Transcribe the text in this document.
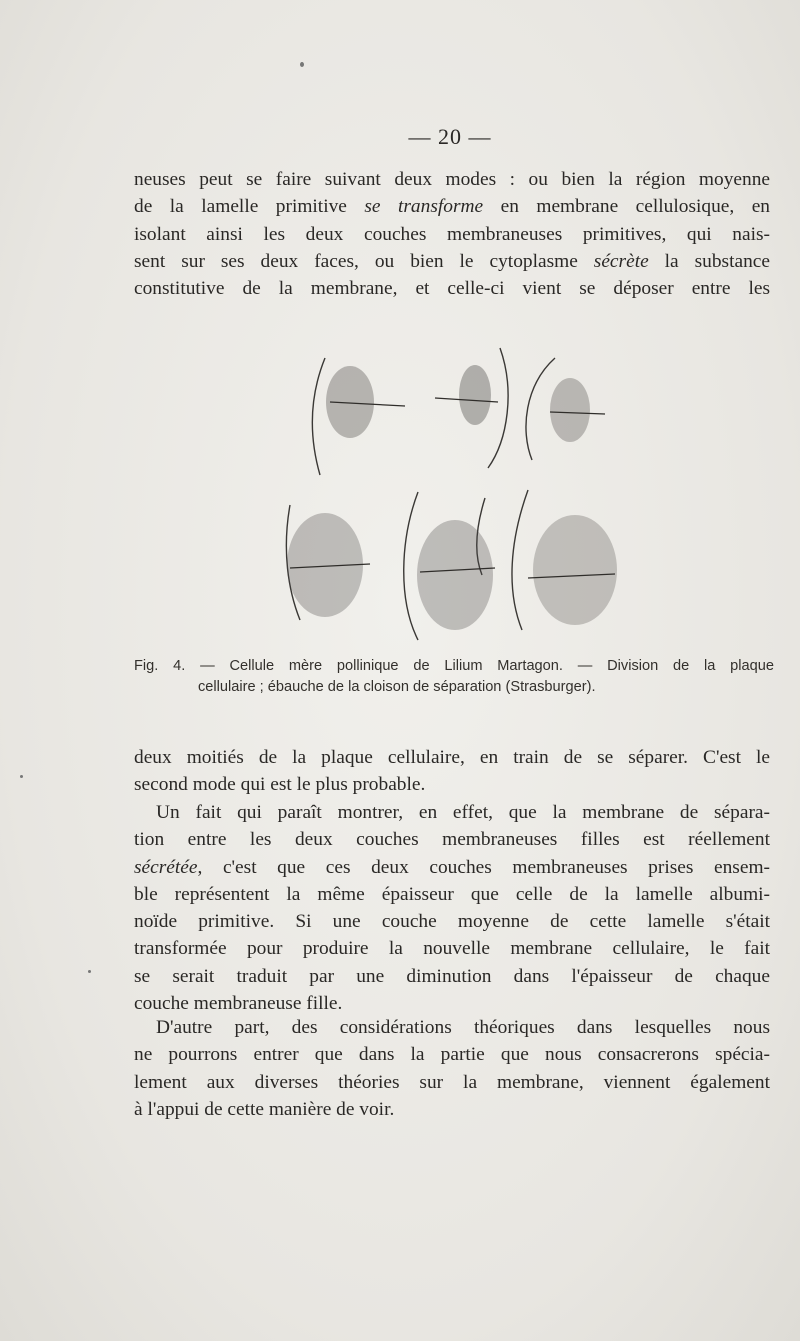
— 20 —

neuses peut se faire suivant deux modes : ou bien la région moyenne
de la lamelle primitive se transforme en membrane cellulosique, en
isolant ainsi les deux couches membraneuses primitives, qui nais-
sent sur ses deux faces, ou bien le cytoplasme sécrète la substance
constitutive de la membrane, et celle-ci vient se déposer entre les

Fig. 4. — Cellule mère pollinique de Lilium Martagon. — Division de la plaque
cellulaire ; ébauche de la cloison de séparation (Strasburger).

deux moitiés de la plaque cellulaire, en train de se séparer. C'est le
second mode qui est le plus probable.

Un fait qui paraît montrer, en effet, que la membrane de sépara-
tion entre les deux couches membraneuses filles est réellement
sécrétée, c'est que ces deux couches membraneuses prises ensem-
ble représentent la même épaisseur que celle de la lamelle albumi-
noïde primitive. Si une couche moyenne de cette lamelle s'était
transformée pour produire la nouvelle membrane cellulaire, le fait
se serait traduit par une diminution dans l'épaisseur de chaque
couche membraneuse fille.

D'autre part, des considérations théoriques dans lesquelles nous
ne pourrons entrer que dans la partie que nous consacrerons spécia-
lement aux diverses théories sur la membrane, viennent également
à l'appui de cette manière de voir.
